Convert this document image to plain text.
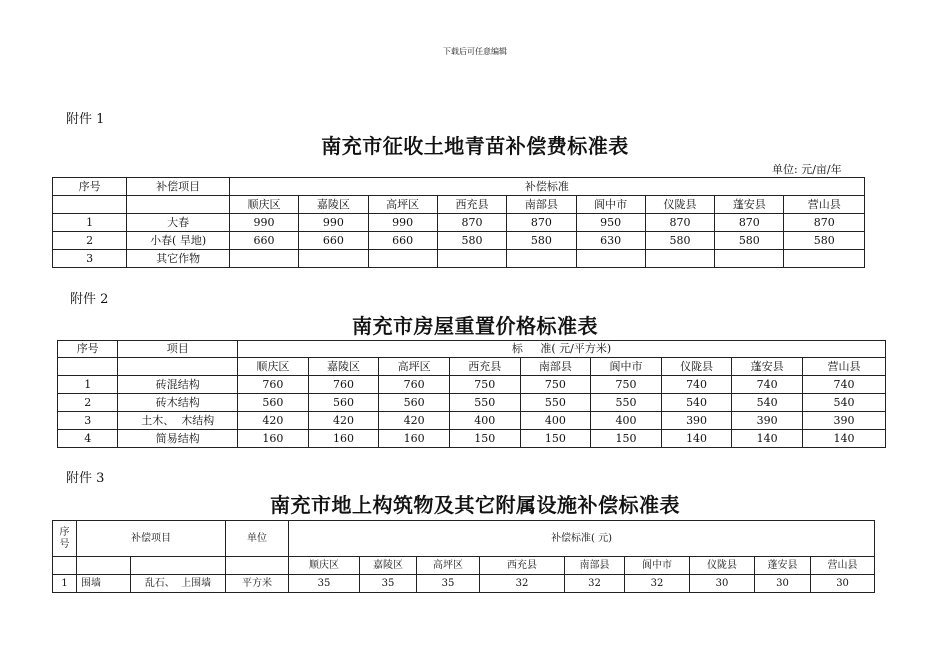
下载后可任意编辑
附件 1
南充市征收土地青苗补偿费标准表
单位: 元/亩/年
序号	补偿项目	补偿标准								
		顺庆区	嘉陵区	高坪区	西充县	南部县	阆中市	仪陇县	蓬安县	营山县
1	大春	990	990	990	870	870	950	870	870	870
2	小春( 旱地)	660	660	660	580	580	630	580	580	580
3	其它作物									
附件 2
南充市房屋重置价格标准表
序号	项目	标     准( 元/平方米)								
		顺庆区	嘉陵区	高坪区	西充县	南部县	阆中市	仪陇县	蓬安县	营山县
1	砖混结构	760	760	760	750	750	750	740	740	740
2	砖木结构	560	560	560	550	550	550	540	540	540
3	土木、  木结构	420	420	420	400	400	400	390	390	390
4	简易结构	160	160	160	150	150	150	140	140	140
附件 3
南充市地上构筑物及其它附属设施补偿标准表
序
号	补偿项目		单位	补偿标准( 元)								
				顺庆区	嘉陵区	高坪区	西充县	南部县	阆中市	仪陇县	蓬安县	营山县
1	围墙	乱石、  上围墙	平方米	35	35	35	32	32	32	30	30	30
